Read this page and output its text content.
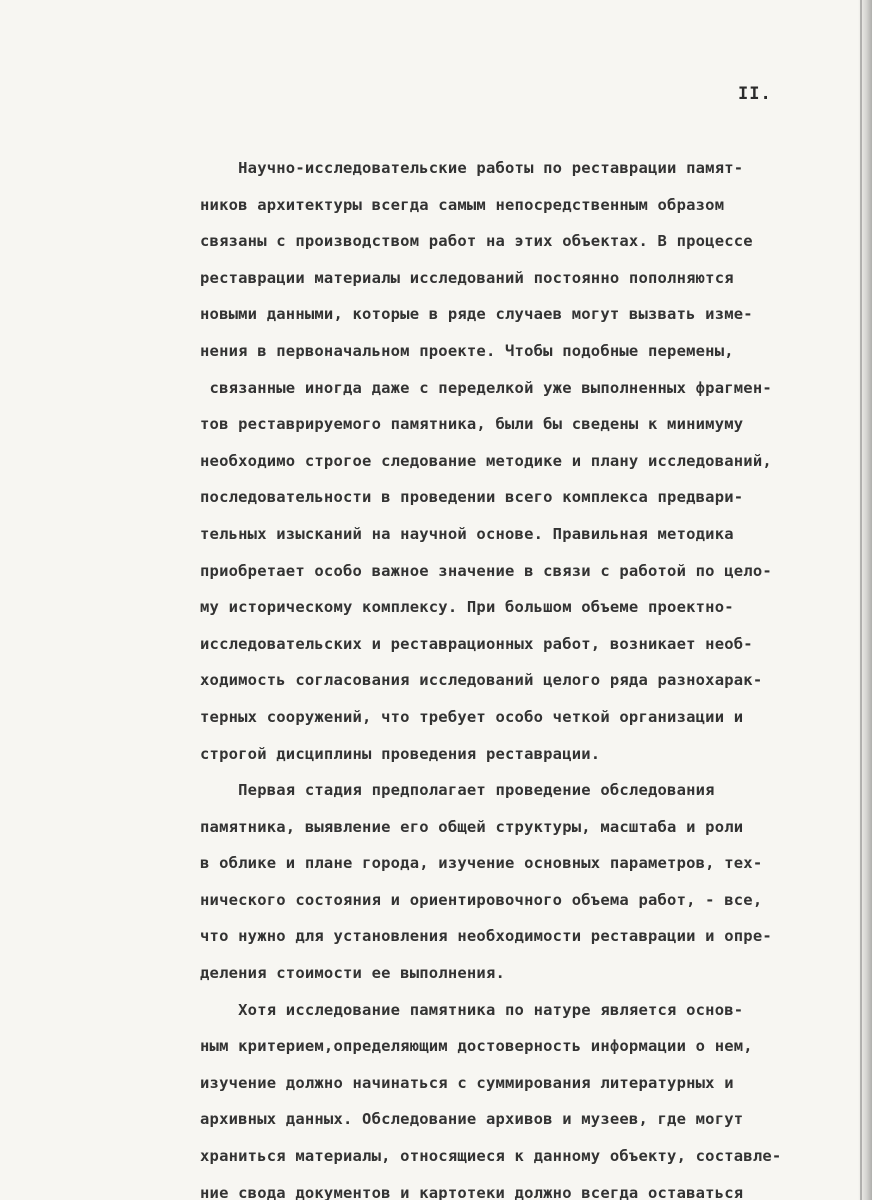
II.
Научно-исследовательские работы по реставрации памят-
ников архитектуры всегда самым непосредственным образом
связаны с производством работ на этих объектах. В процессе
реставрации материалы исследований постоянно пополняются
новыми данными, которые в ряде случаев могут вызвать изме-
нения в первоначальном проекте. Чтобы подобные перемены,
связанные иногда даже с переделкой уже выполненных фрагмен-
тов реставрируемого памятника, были бы сведены к минимуму
необходимо строгое следование методике и плану исследований,
последовательности в проведении всего комплекса предвари-
тельных изысканий на научной основе. Правильная методика
приобретает особо важное значение в связи с работой по цело-
му историческому комплексу. При большом объеме проектно-
исследовательских и реставрационных работ, возникает необ-
ходимость согласования исследований целого ряда разнохарак-
терных сооружений, что требует особо четкой организации и
строгой дисциплины проведения реставрации.
Первая стадия предполагает проведение обследования
памятника, выявление его общей структуры, масштаба и роли
в облике и плане города, изучение основных параметров, тех-
нического состояния и ориентировочного объема работ, - все,
что нужно для установления необходимости реставрации и опре-
деления стоимости ее выполнения.
Хотя исследование памятника по натуре является основ-
ным критерием,определяющим достоверность информации о нем,
изучение должно начинаться с суммирования литературных и
архивных данных. Обследование архивов и музеев, где могут
храниться материалы, относящиеся к данному объекту, составле-
ние свода документов и картотеки должно всегда оставаться
